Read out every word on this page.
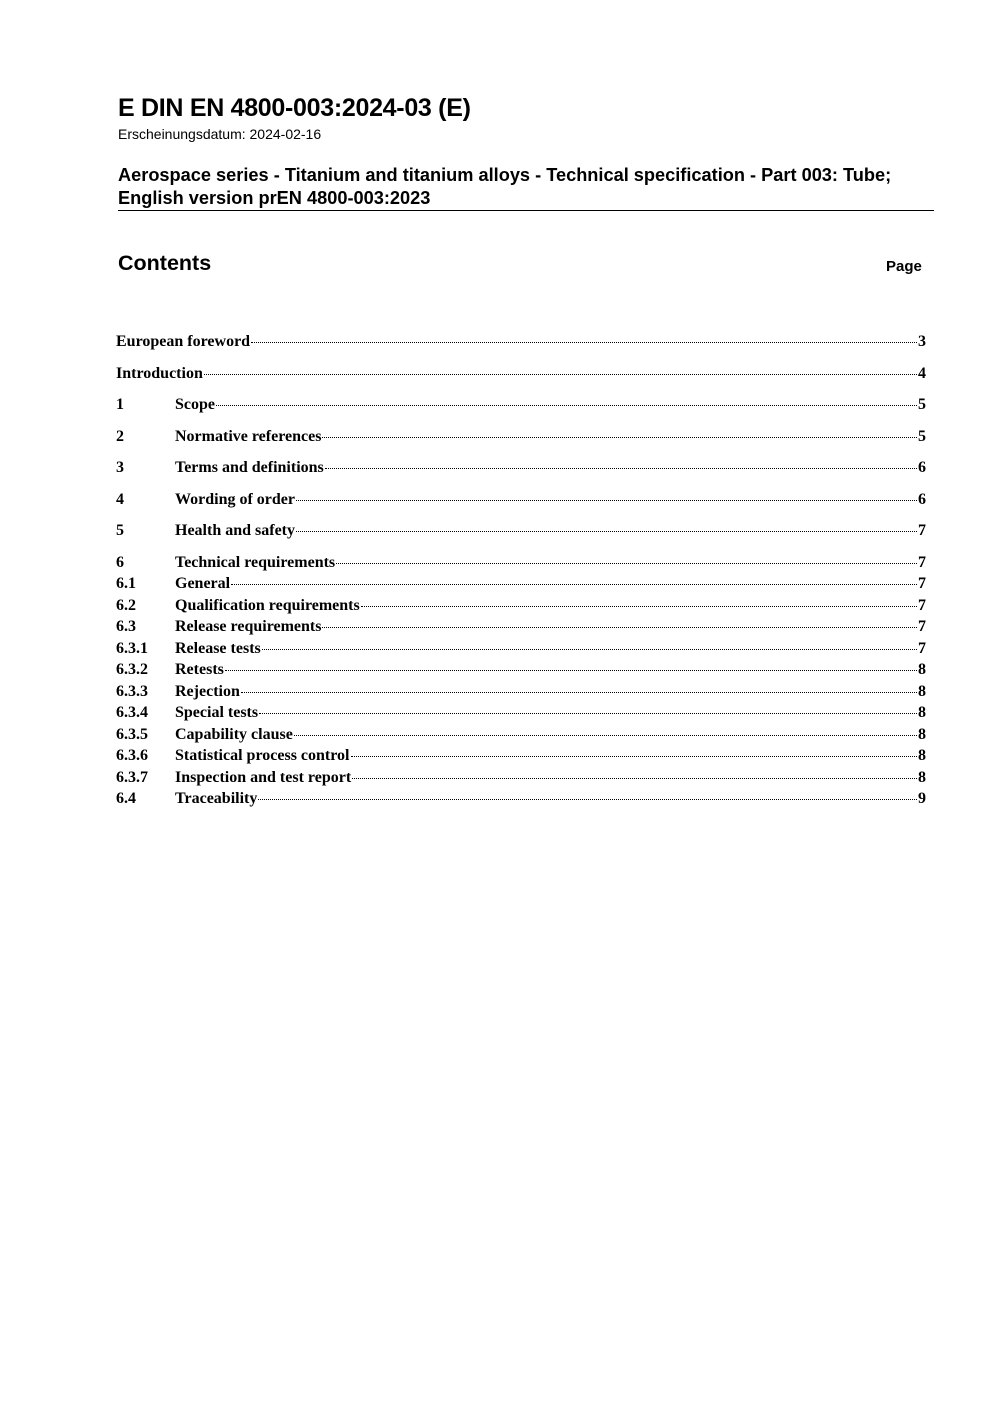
E DIN EN 4800-003:2024-03 (E)
Erscheinungsdatum: 2024-02-16
Aerospace series - Titanium and titanium alloys - Technical specification - Part 003: Tube; English version prEN 4800-003:2023
Contents	Page
European foreword	3
Introduction	4
1	Scope	5
2	Normative references	5
3	Terms and definitions	6
4	Wording of order	6
5	Health and safety	7
6	Technical requirements	7
6.1	General	7
6.2	Qualification requirements	7
6.3	Release requirements	7
6.3.1	Release tests	7
6.3.2	Retests	8
6.3.3	Rejection	8
6.3.4	Special tests	8
6.3.5	Capability clause	8
6.3.6	Statistical process control	8
6.3.7	Inspection and test report	8
6.4	Traceability	9
